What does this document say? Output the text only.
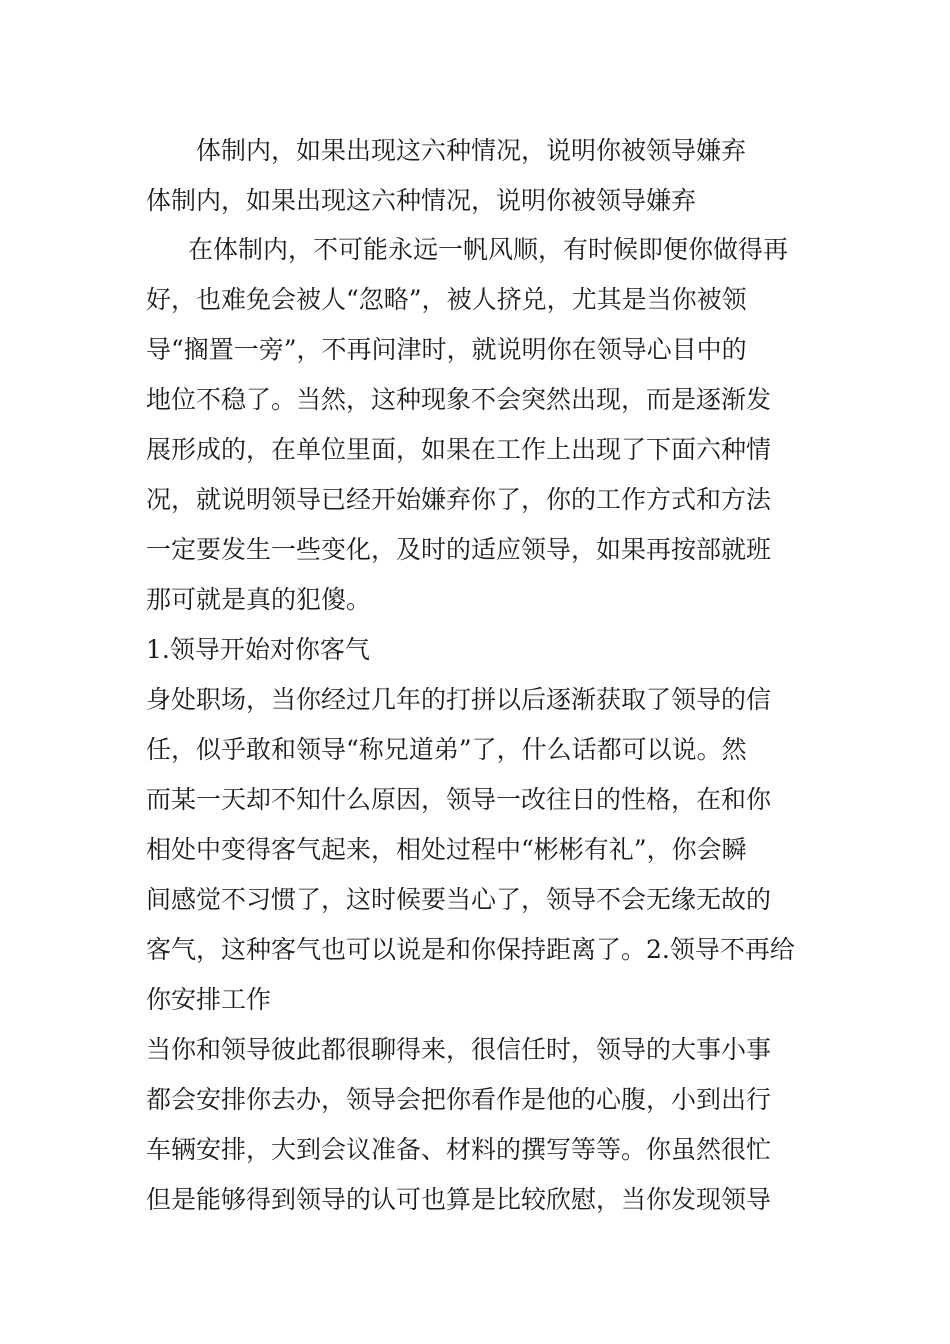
体制内，如果出现这六种情况，说明你被领导嫌弃
体制内，如果出现这六种情况，说明你被领导嫌弃
在体制内，不可能永远一帆风顺，有时候即便你做得再
好，也难免会被人“忽略”，被人挤兑，尤其是当你被领
导“搁置一旁”，不再问津时，就说明你在领导心目中的
地位不稳了。当然，这种现象不会突然出现，而是逐渐发
展形成的，在单位里面，如果在工作上出现了下面六种情
况，就说明领导已经开始嫌弃你了，你的工作方式和方法
一定要发生一些变化，及时的适应领导，如果再按部就班
那可就是真的犯傻。
1.领导开始对你客气
身处职场，当你经过几年的打拼以后逐渐获取了领导的信
任，似乎敢和领导“称兄道弟”了，什么话都可以说。然
而某一天却不知什么原因，领导一改往日的性格，在和你
相处中变得客气起来，相处过程中“彬彬有礼”，你会瞬
间感觉不习惯了，这时候要当心了，领导不会无缘无故的
客气，这种客气也可以说是和你保持距离了。2.领导不再给
你安排工作
当你和领导彼此都很聊得来，很信任时，领导的大事小事
都会安排你去办，领导会把你看作是他的心腹，小到出行
车辆安排，大到会议准备、材料的撰写等等。你虽然很忙
但是能够得到领导的认可也算是比较欣慰，当你发现领导
